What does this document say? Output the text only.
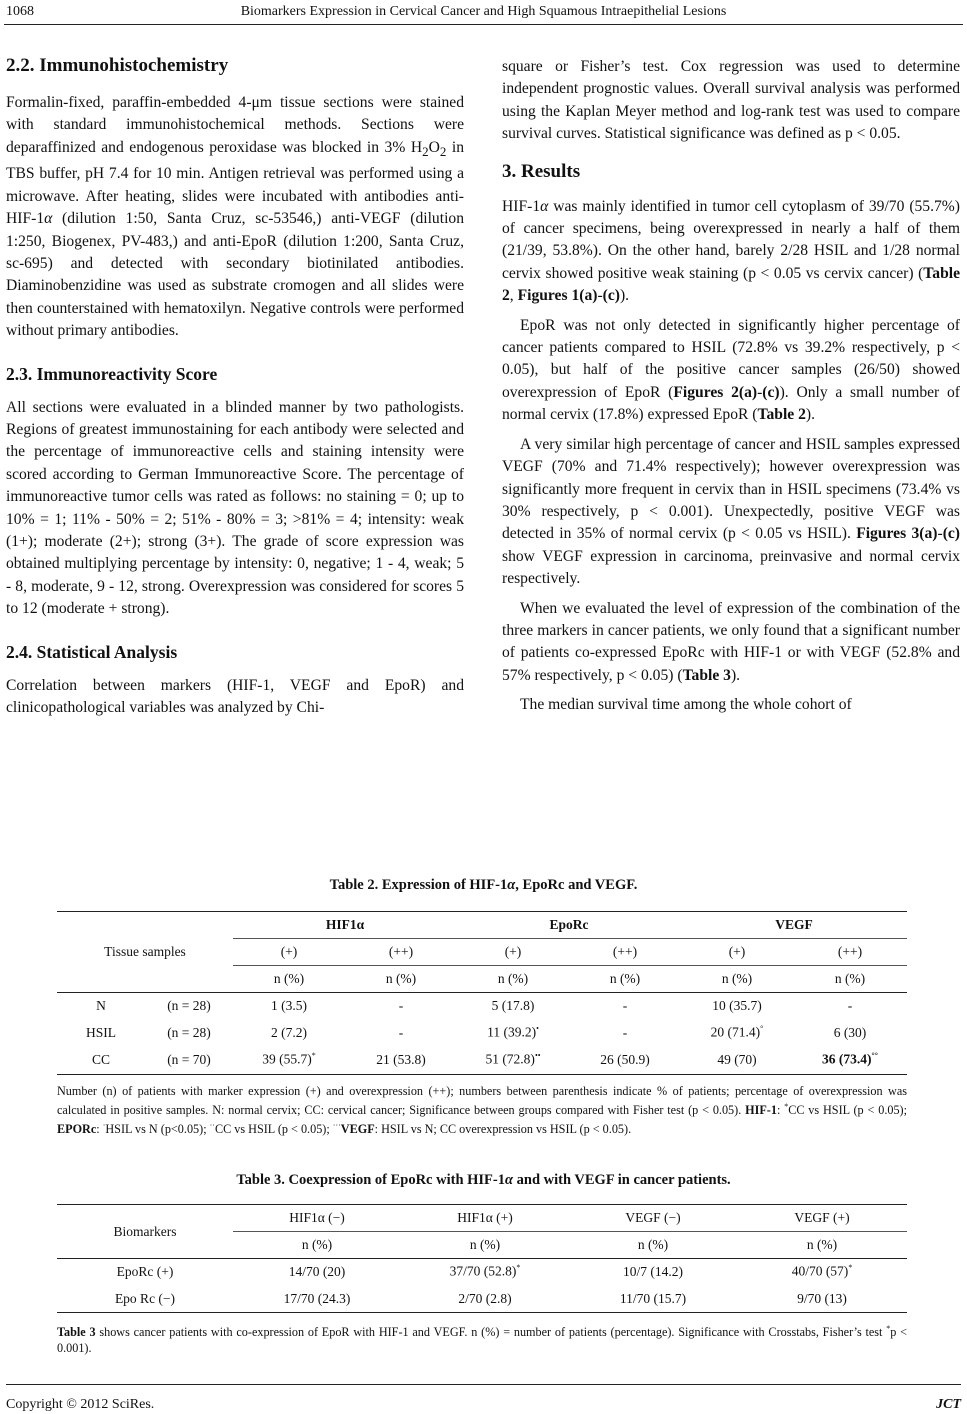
1068	Biomarkers Expression in Cervical Cancer and High Squamous Intraepithelial Lesions
2.2. Immunohistochemistry

Formalin-fixed, paraffin-embedded 4-μm tissue sections were stained with standard immunohistochemical methods. Sections were deparaffinized and endogenous peroxidase was blocked in 3% $H_2O_2$ in TBS buffer, pH 7.4 for 10 min. Antigen retrieval was performed using a microwave. After heating, slides were incubated with antibodies anti-HIF-1α (dilution 1:50, Santa Cruz, sc-53546,) anti-VEGF (dilution 1:250, Biogenex, PV-483,) and anti-EpoR (dilution 1:200, Santa Cruz, sc-695) and detected with secondary biotinilated antibodies. Diaminobenzidine was used as substrate cromogen and all slides were then counterstained with hematoxilyn. Negative controls were performed without primary antibodies.

2.3. Immunoreactivity Score

All sections were evaluated in a blinded manner by two pathologists. Regions of greatest immunostaining for each antibody were selected and the percentage of immunoreactive cells and staining intensity were scored according to German Immunoreactive Score. The percentage of immunoreactive tumor cells was rated as follows: no staining = 0; up to 10% = 1; 11% - 50% = 2; 51% - 80% = 3; >81% = 4; intensity: weak (1+); moderate (2+); strong (3+). The grade of score expression was obtained multiplying percentage by intensity: 0, negative; 1 - 4, weak; 5 - 8, moderate, 9 - 12, strong. Overexpression was considered for scores 5 to 12 (moderate + strong).

2.4. Statistical Analysis

Correlation between markers (HIF-1, VEGF and EpoR) and clinicopathological variables was analyzed by Chi-

square or Fisher’s test. Cox regression was used to determine independent prognostic values. Overall survival analysis was performed using the Kaplan Meyer method and log-rank test was used to compare survival curves. Statistical significance was defined as p < 0.05.

3. Results

HIF-1α was mainly identified in tumor cell cytoplasm of 39/70 (55.7%) of cancer specimens, being overexpressed in nearly a half of them (21/39, 53.8%). On the other hand, barely 2/28 HSIL and 1/28 normal cervix showed positive weak staining (p < 0.05 vs cervix cancer) (Table 2, Figures 1(a)-(c)).

EpoR was not only detected in significantly higher percentage of cancer patients compared to HSIL (72.8% vs 39.2% respectively, p < 0.05), but half of the positive cancer samples (26/50) showed overexpression of EpoR (Figures 2(a)-(c)). Only a small number of normal cervix (17.8%) expressed EpoR (Table 2).

A very similar high percentage of cancer and HSIL samples expressed VEGF (70% and 71.4% respectively); however overexpression was significantly more frequent in cervix than in HSIL specimens (73.4% vs 30% respectively, p < 0.001). Unexpectedly, positive VEGF was detected in 35% of normal cervix (p < 0.05 vs HSIL). Figures 3(a)-(c) show VEGF expression in carcinoma, preinvasive and normal cervix respectively.

When we evaluated the level of expression of the combination of the three markers in cancer patients, we only found that a significant number of patients co-expressed EpoRc with HIF-1 or with VEGF (52.8% and 57% respectively, p < 0.05) (Table 3).

The median survival time among the whole cohort of

Table 2. Expression of HIF-1α, EpoRc and VEGF.
Tissue samples		HIF1α		EpoRc		VEGF	
		(+)	(++)	(+)	(++)	(+)	(++)
		n (%)	n (%)	n (%)	n (%)	n (%)	n (%)
N	(n = 28)	1 (3.5)	-	5 (17.8)	-	10 (35.7)	-
HSIL	(n = 28)	2 (7.2)	-	11 (39.2)•	-	20 (71.4)°	6 (30)
CC	(n = 70)	39 (55.7)*	21 (53.8)	51 (72.8)••	26 (50.9)	49 (70)	36 (73.4)°°
Number (n) of patients with marker expression (+) and overexpression (++); numbers between parenthesis indicate % of patients; percentage of overexpression was calculated in positive samples. N: normal cervix; CC: cervical cancer; Significance between groups compared with Fisher test (p < 0.05). HIF-1: *CC vs HSIL (p < 0.05); EPORc: ·HSIL vs N (p<0.05); ··CC vs HSIL (p < 0.05); ···VEGF: HSIL vs N; CC overexpression vs HSIL (p < 0.05).
Table 3. Coexpression of EpoRc with HIF-1α and with VEGF in cancer patients.
Biomarkers	HIF1α (−)	HIF1α (+)	VEGF (−)	VEGF (+)
	n (%)	n (%)	n (%)	n (%)
EpoRc (+)	14/70 (20)	37/70 (52.8)*	10/7 (14.2)	40/70 (57)*
Epo Rc (−)	17/70 (24.3)	2/70 (2.8)	11/70 (15.7)	9/70 (13)
Table 3 shows cancer patients with co-expression of EpoR with HIF-1 and VEGF. n (%) = number of patients (percentage). Significance with Crosstabs, Fisher’s test *p < 0.001).
Copyright © 2012 SciRes.	JCT
